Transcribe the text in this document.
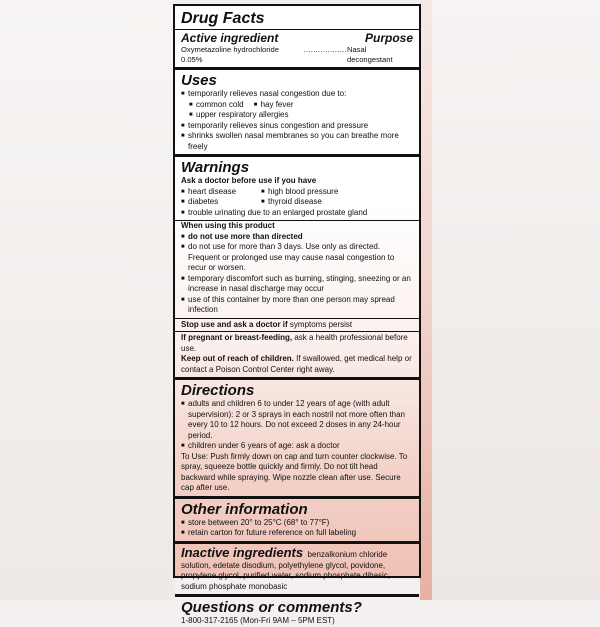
Drug Facts
Active ingredient	Purpose
Oxymetazoline hydrochloride 0.05%
.................. Nasal decongestant
Uses
■ temporarily relieves nasal congestion due to:
■ common cold ■ hay fever
■ upper respiratory allergies
■ temporarily relieves sinus congestion and pressure
■ shrinks swollen nasal membranes so you can breathe more freely
Warnings
Ask a doctor before use if you have
■ heart disease	■ high blood pressure
■ diabetes	■ thyroid disease
■ trouble urinating due to an enlarged prostate gland
When using this product
■ do not use more than directed
■ do not use for more than 3 days. Use only as directed. Frequent or prolonged use may cause nasal congestion to recur or worsen.
■ temporary discomfort such as burning, stinging, sneezing or an increase in nasal discharge may occur
■ use of this container by more than one person may spread infection
Stop use and ask a doctor if symptoms persist
If pregnant or breast-feeding, ask a health professional before use.
Keep out of reach of children. If swallowed, get medical help or contact a Poison Control Center right away.
Directions
■ adults and children 6 to under 12 years of age (with adult supervision): 2 or 3 sprays in each nostril not more often than every 10 to 12 hours. Do not exceed 2 doses in any 24-hour period.
■ children under 6 years of age: ask a doctor
To Use: Push firmly down on cap and turn counter clockwise. To spray, squeeze bottle quickly and firmly. Do not tilt head backward while spraying. Wipe nozzle clean after use. Secure cap after use.
Other information
■ store between 20° to 25°C (68° to 77°F)
■ retain carton for future reference on full labeling
Inactive ingredients benzalkonium chloride solution, edetate disodium, polyethylene glycol, povidone, propylene glycol, purified water, sodium phosphate dibasic, sodium phosphate monobasic
Questions or comments?
1-800-317-2165 (Mon-Fri 9AM – 5PM EST)
